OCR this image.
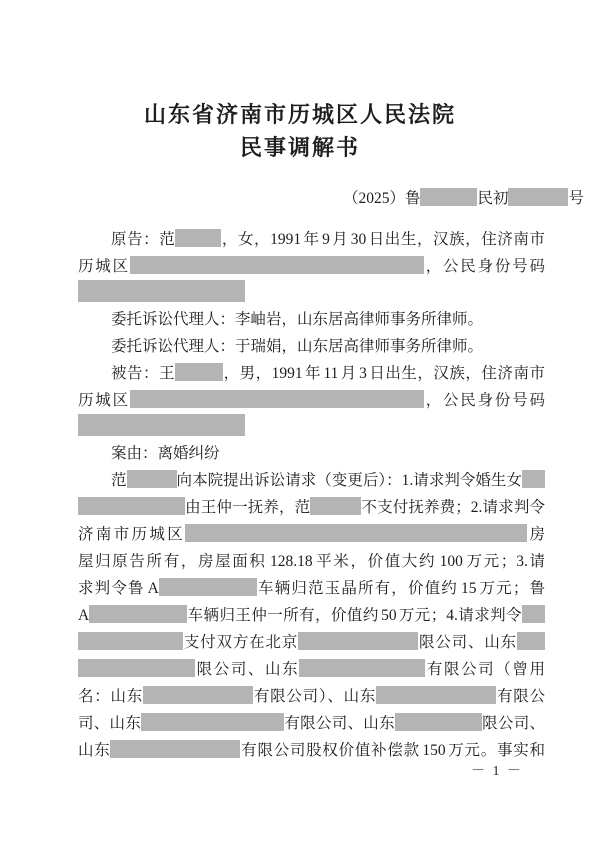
山东省济南市历城区人民法院
民事调解书
（2025）鲁	民初	号
原告：范	，女，1991 年 9 月 30 日出生，汉族，住济南市
历城区	，公民身份号码
委托诉讼代理人：李岫岩，山东居高律师事务所律师。
委托诉讼代理人：于瑞娟，山东居高律师事务所律师。
被告：王	，男，1991 年 11 月 3 日出生，汉族，住济南市
历城区	，公民身份号码
案由：离婚纠纷
范	向本院提出诉讼请求（变更后）：1.请求判令婚生女
由王仲一抚养，范	不支付抚养费；2.请求判令
济南市历城区	房
屋归原告所有，房屋面积 128.18 平米，价值大约 100 万元；3.请
求判令鲁 A	车辆归范玉晶所有，价值约 15 万元；鲁
A	车辆归王仲一所有，价值约 50 万元；4.请求判令
支付双方在北京	限公司、山东
限公司、山东	有限公司（曾用
名：山东	有限公司）、山东	有限公
司、山东	有限公司、山东	限公司、
山东	有限公司股权价值补偿款 150 万元。事实和
－ 1 －
